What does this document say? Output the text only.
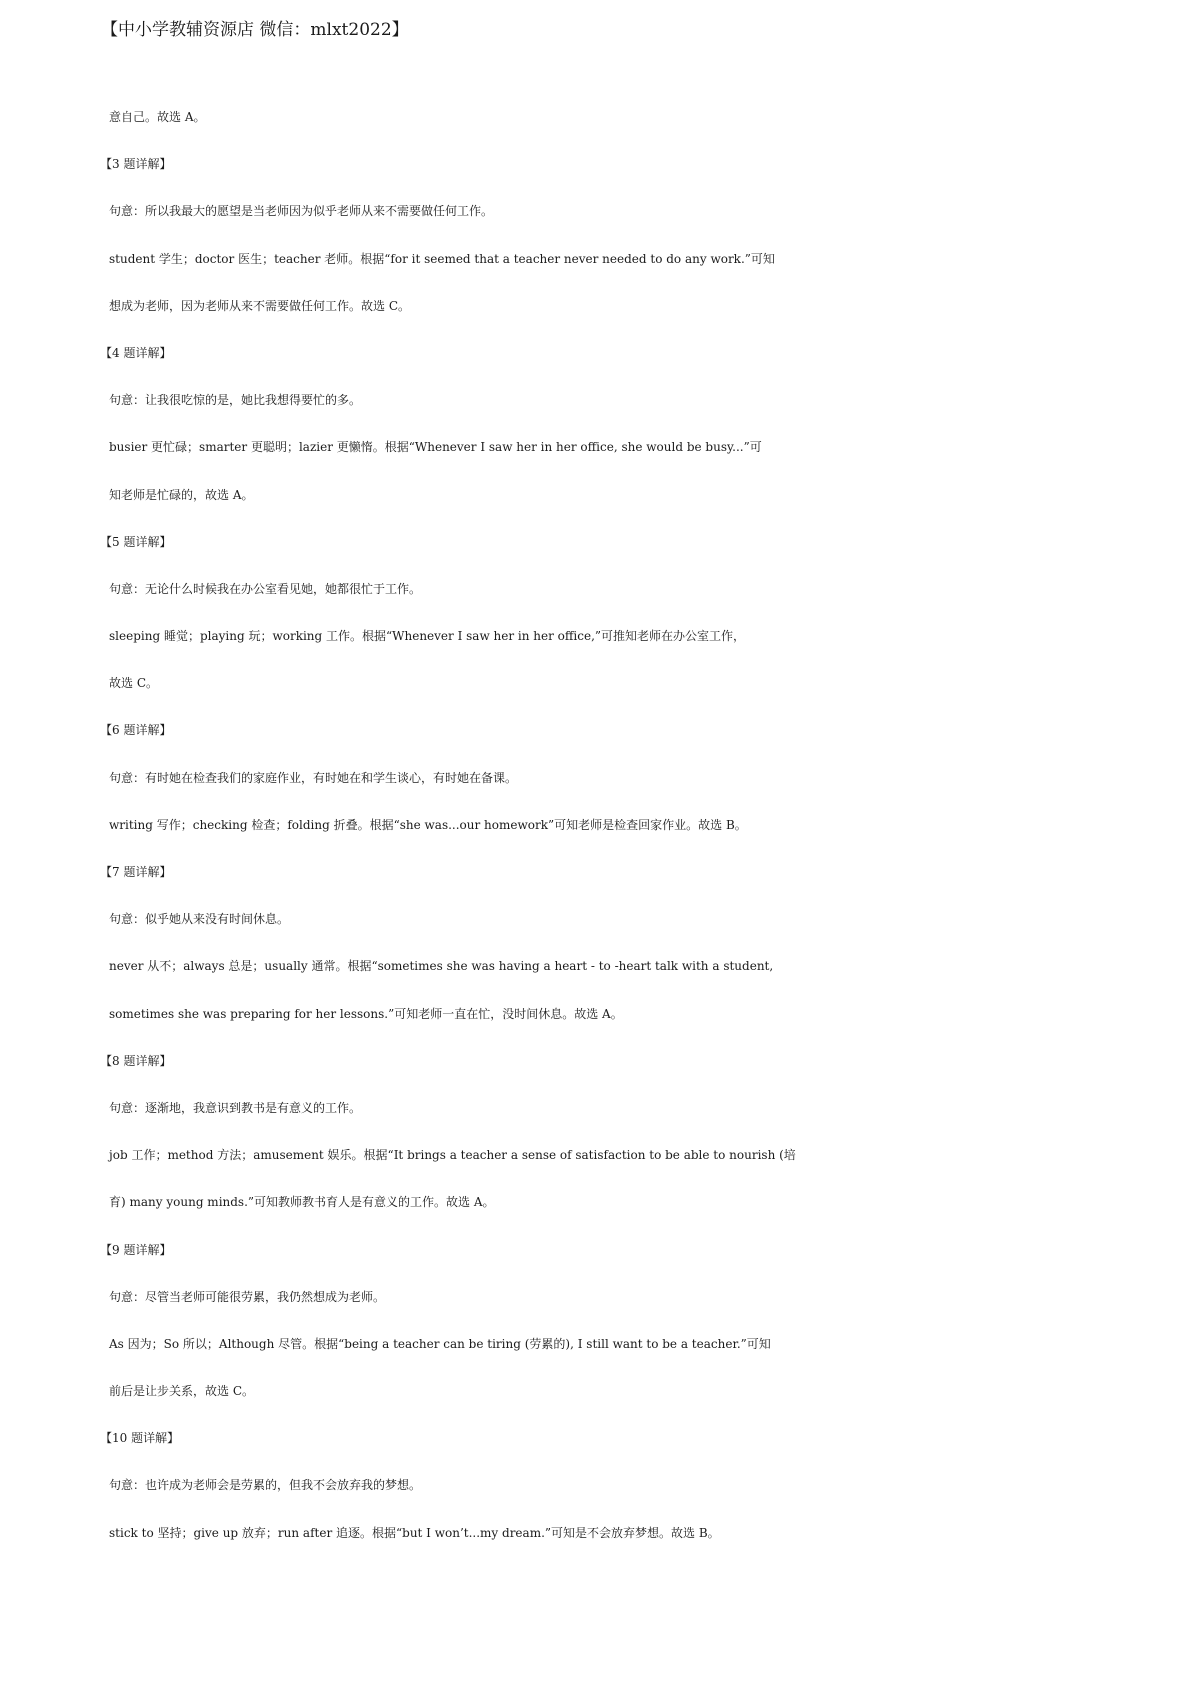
【中小学教辅资源店 微信：mlxt2022】
意自己。故选 A。
【3 题详解】
句意：所以我最大的愿望是当老师因为似乎老师从来不需要做任何工作。
student 学生；doctor 医生；teacher 老师。根据“for it seemed that a teacher never needed to do any work.”可知
想成为老师，因为老师从来不需要做任何工作。故选 C。
【4 题详解】
句意：让我很吃惊的是，她比我想得要忙的多。
busier 更忙碌；smarter 更聪明；lazier 更懒惰。根据“Whenever I saw her in her office, she would be busy...”可
知老师是忙碌的，故选 A。
【5 题详解】
句意：无论什么时候我在办公室看见她，她都很忙于工作。
sleeping 睡觉；playing 玩；working 工作。根据“Whenever I saw her in her office,”可推知老师在办公室工作，
故选 C。
【6 题详解】
句意：有时她在检查我们的家庭作业，有时她在和学生谈心，有时她在备课。
writing 写作；checking 检查；folding 折叠。根据“she was...our homework”可知老师是检查回家作业。故选 B。
【7 题详解】
句意：似乎她从来没有时间休息。
never 从不；always 总是；usually 通常。根据“sometimes she was having a heart - to -heart talk with a student,
sometimes she was preparing for her lessons.”可知老师一直在忙，没时间休息。故选 A。
【8 题详解】
句意：逐渐地，我意识到教书是有意义的工作。
job 工作；method 方法；amusement 娱乐。根据“It brings a teacher a sense of satisfaction to be able to nourish (培
育) many young minds.”可知教师教书育人是有意义的工作。故选 A。
【9 题详解】
句意：尽管当老师可能很劳累，我仍然想成为老师。
As 因为；So 所以；Although 尽管。根据“being a teacher can be tiring (劳累的), I still want to be a teacher.”可知
前后是让步关系，故选 C。
【10 题详解】
句意：也许成为老师会是劳累的，但我不会放弃我的梦想。
stick to 坚持；give up 放弃；run after 追逐。根据“but I won’t...my dream.”可知是不会放弃梦想。故选 B。
